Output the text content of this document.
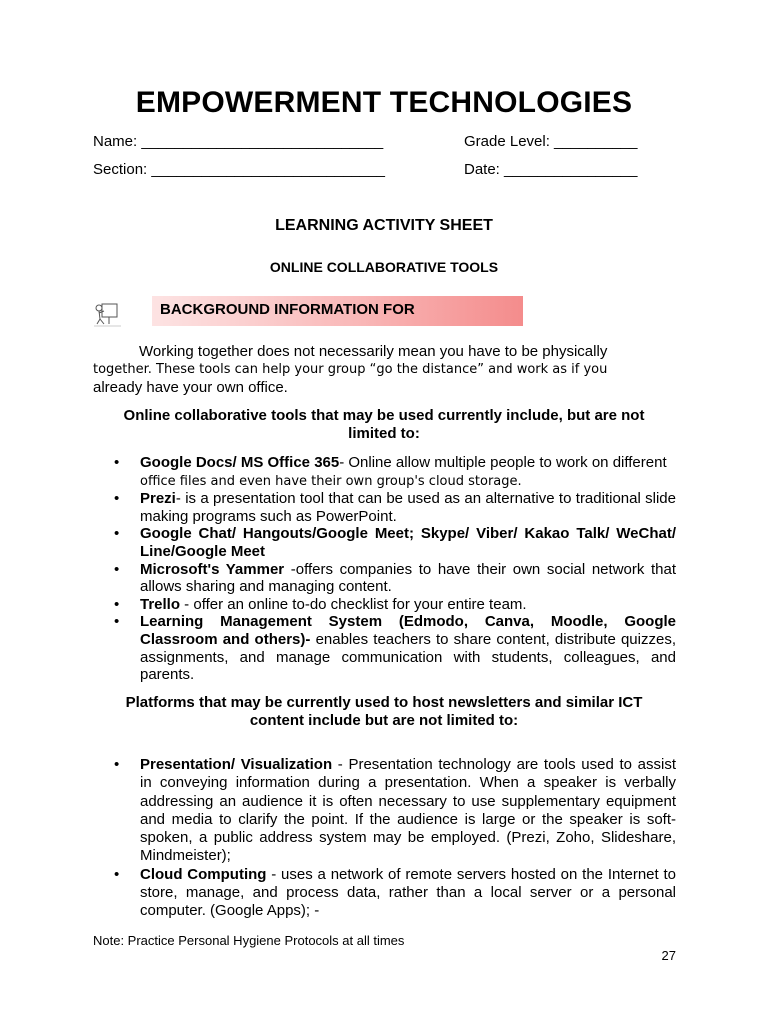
EMPOWERMENT TECHNOLOGIES
Name: _____________________________	Grade Level: __________
Section: ____________________________	Date: ________________
LEARNING ACTIVITY SHEET
ONLINE COLLABORATIVE TOOLS
BACKGROUND INFORMATION FOR
Working together does not necessarily mean you have to be physically
together. These tools can help your group “go the distance” and work as if you
already have your own office.
Online collaborative tools that may be used currently include, but are not
limited to:
• Google Docs/ MS Office 365- Online allow multiple people to work on different
office files and even have their own group's cloud storage.
• Prezi- is a presentation tool that can be used as an alternative to traditional slide making programs such as PowerPoint.
• Google Chat/ Hangouts/Google Meet; Skype/ Viber/ Kakao Talk/ WeChat/ Line/Google Meet
• Microsoft's Yammer -offers companies to have their own social network that allows sharing and managing content.
• Trello - offer an online to-do checklist for your entire team.
• Learning Management System (Edmodo, Canva, Moodle, Google Classroom and others)- enables teachers to share content, distribute quizzes, assignments, and manage communication with students, colleagues, and parents.
Platforms that may be currently used to host newsletters and similar ICT
content include but are not limited to:
• Presentation/ Visualization - Presentation technology are tools used to assist in conveying information during a presentation. When a speaker is verbally addressing an audience it is often necessary to use supplementary equipment and media to clarify the point. If the audience is large or the speaker is soft-spoken, a public address system may be employed. (Prezi, Zoho, Slideshare, Mindmeister);
• Cloud Computing - uses a network of remote servers hosted on the Internet to store, manage, and process data, rather than a local server or a personal computer. (Google Apps); -
Note: Practice Personal Hygiene Protocols at all times
27
